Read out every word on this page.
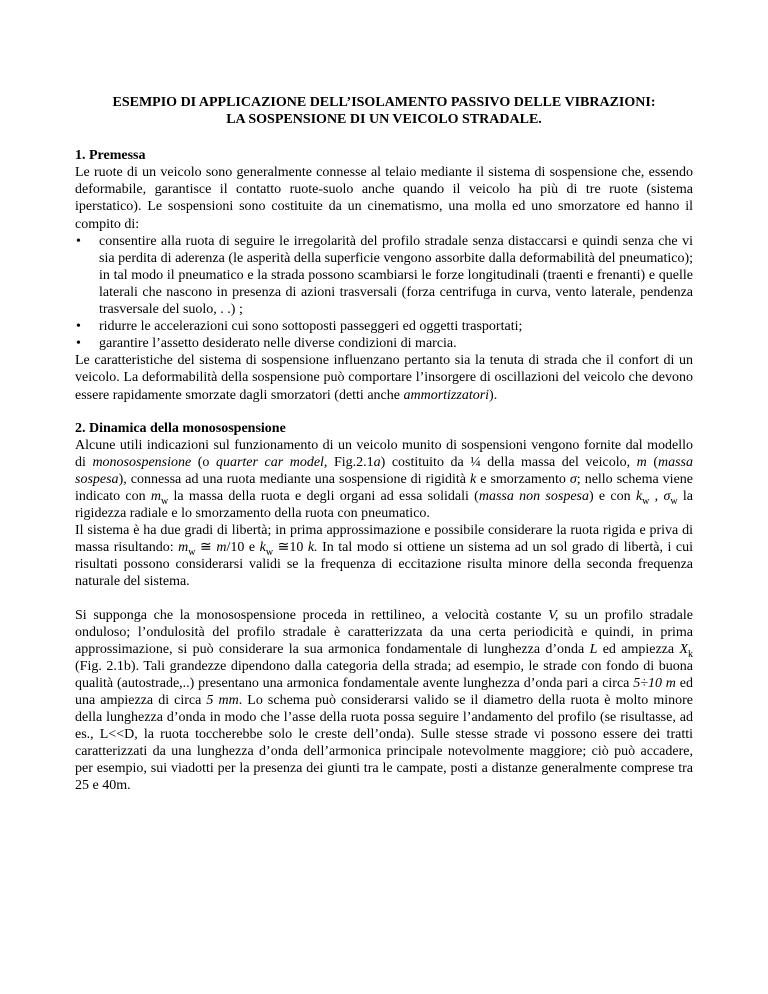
ESEMPIO DI APPLICAZIONE DELL’ISOLAMENTO PASSIVO DELLE VIBRAZIONI:
LA SOSPENSIONE DI UN VEICOLO STRADALE.
1. Premessa

Le ruote di un veicolo sono generalmente connesse al telaio mediante il sistema di sospensione che, essendo deformabile, garantisce il contatto ruote-suolo anche quando il veicolo ha più di tre ruote (sistema iperstatico). Le sospensioni sono costituite da un cinematismo, una molla ed uno smorzatore ed hanno il compito di:

• consentire alla ruota di seguire le irregolarità del profilo stradale senza distaccarsi e quindi senza che vi sia perdita di aderenza (le asperità della superficie vengono assorbite dalla deformabilità del pneumatico); in tal modo il pneumatico e la strada possono scambiarsi le forze longitudinali (traenti e frenanti) e quelle laterali che nascono in presenza di azioni trasversali (forza centrifuga in curva, vento laterale, pendenza trasversale del suolo, . .) ;
• ridurre le accelerazioni cui sono sottoposti passeggeri ed oggetti trasportati;
• garantire l’assetto desiderato nelle diverse condizioni di marcia.

Le caratteristiche del sistema di sospensione influenzano pertanto sia la tenuta di strada che il confort di un veicolo. La deformabilità della sospensione può comportare l’insorgere di oscillazioni del veicolo che devono essere rapidamente smorzate dagli smorzatori (detti anche ammortizzatori).

2. Dinamica della monosospensione

Alcune utili indicazioni sul funzionamento di un veicolo munito di sospensioni vengono fornite dal modello di monosospensione (o quarter car model, Fig.2.1a) costituito da ¼ della massa del veicolo, m (massa sospesa), connessa ad una ruota mediante una sospensione di rigidità k e smorzamento σ; nello schema viene indicato con $m_w$ la massa della ruota e degli organi ad essa solidali (massa non sospesa) e con $k_w$ , $\sigma_w$ la rigidezza radiale e lo smorzamento della ruota con pneumatico.

Il sistema è ha due gradi di libertà; in prima approssimazione e possibile considerare la ruota rigida e priva di massa risultando: $m_w$ ≅ m/10 e $k_w$ ≅10 k. In tal modo si ottiene un sistema ad un sol grado di libertà, i cui risultati possono considerarsi validi se la frequenza di eccitazione risulta minore della seconda frequenza naturale del sistema.

Si supponga che la monosospensione proceda in rettilineo, a velocità costante V, su un profilo stradale onduloso; l’ondulosità del profilo stradale è caratterizzata da una certa periodicità e quindi, in prima approssimazione, si può considerare la sua armonica fondamentale di lunghezza d’onda L ed ampiezza $X_k$ (Fig. 2.1b). Tali grandezze dipendono dalla categoria della strada; ad esempio, le strade con fondo di buona qualità (autostrade,..) presentano una armonica fondamentale avente lunghezza d’onda pari a circa 5÷10 m ed una ampiezza di circa 5 mm. Lo schema può considerarsi valido se il diametro della ruota è molto minore della lunghezza d’onda in modo che l’asse della ruota possa seguire l’andamento del profilo (se risultasse, ad es., L<<D, la ruota toccherebbe solo le creste dell’onda). Sulle stesse strade vi possono essere dei tratti caratterizzati da una lunghezza d’onda dell’armonica principale notevolmente maggiore; ciò può accadere, per esempio, sui viadotti per la presenza dei giunti tra le campate, posti a distanze generalmente comprese tra 25 e 40m.
